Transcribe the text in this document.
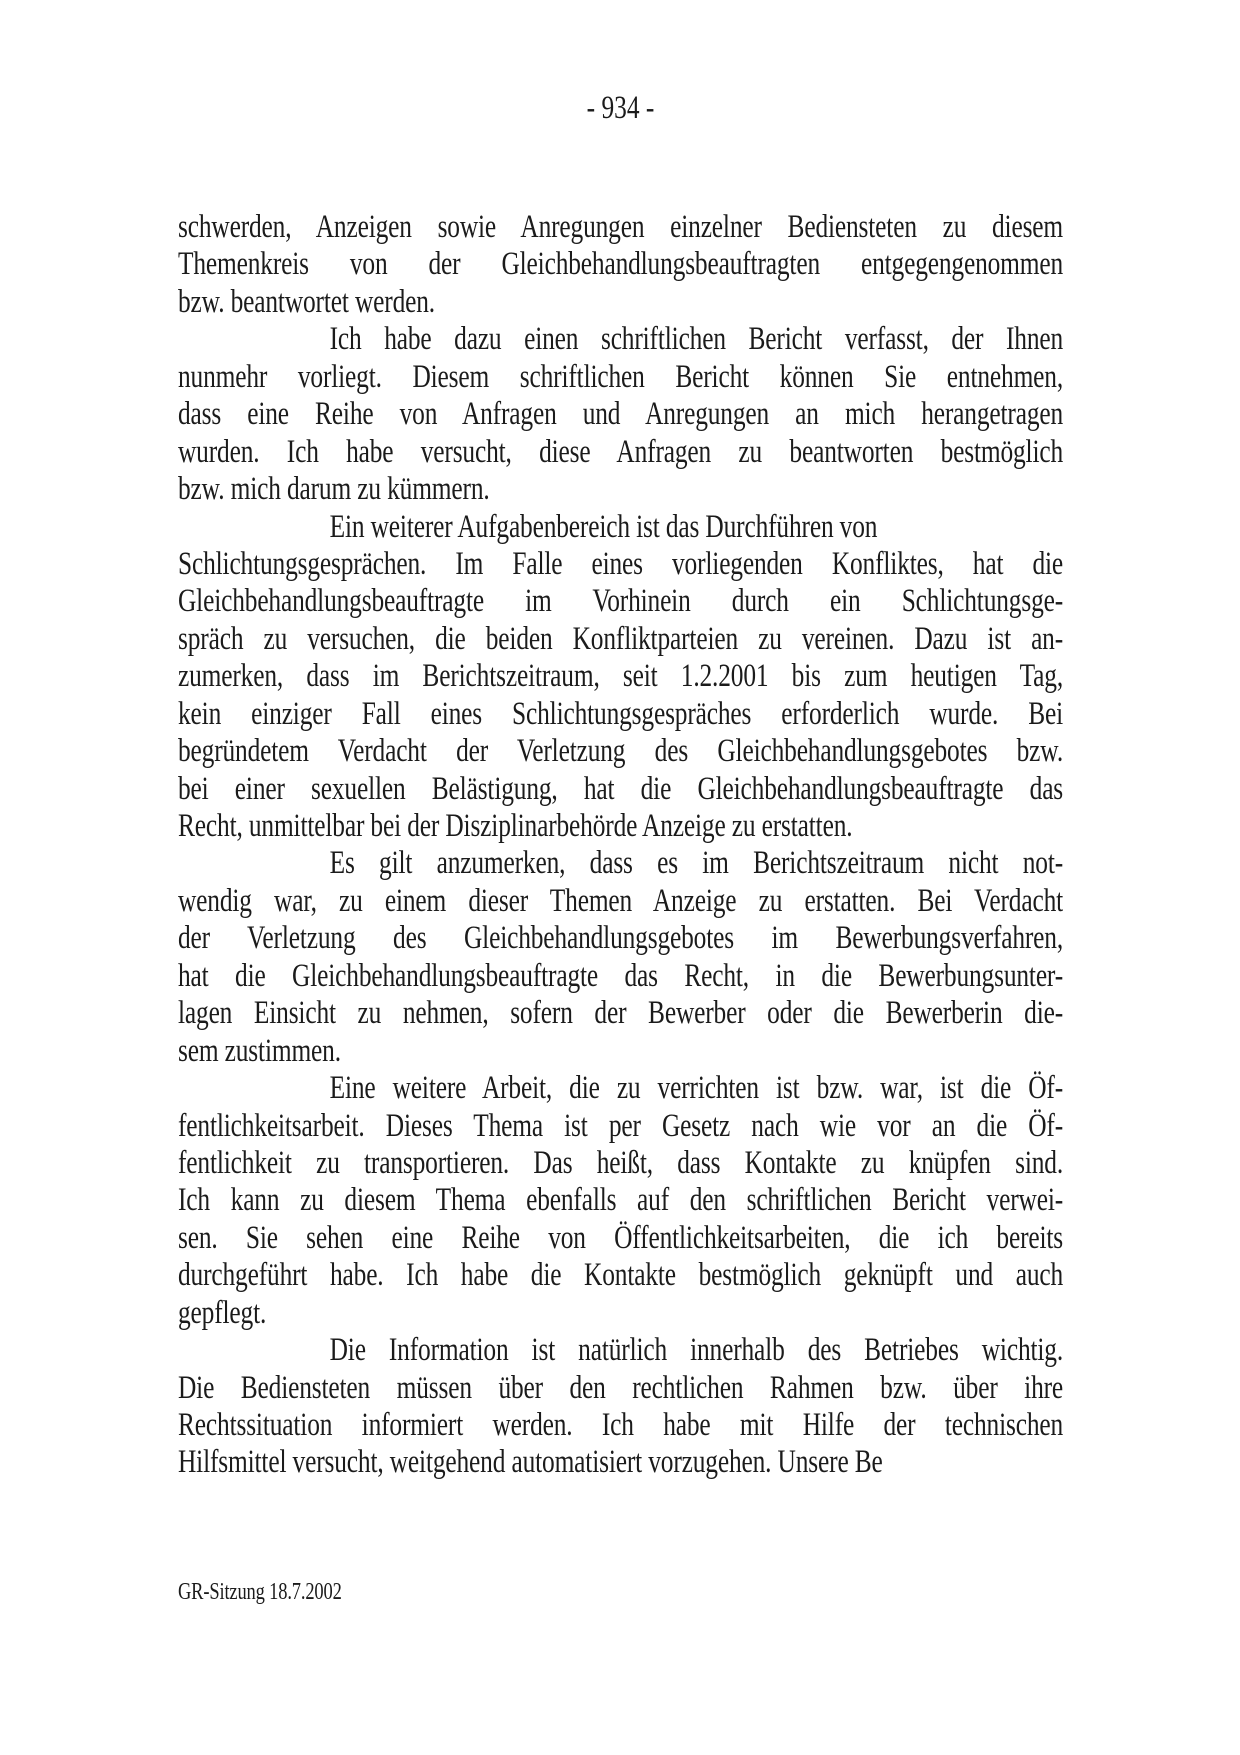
- 934 -
schwerden, Anzeigen sowie Anregungen einzelner Bediensteten zu diesem
Themenkreis von der Gleichbehandlungsbeauftragten entgegengenommen
bzw. beantwortet werden.
Ich habe dazu einen schriftlichen Bericht verfasst, der Ihnen
nunmehr vorliegt. Diesem schriftlichen Bericht können Sie entnehmen,
dass eine Reihe von Anfragen und Anregungen an mich herangetragen
wurden. Ich habe versucht, diese Anfragen zu beantworten bestmöglich
bzw. mich darum zu kümmern.
Ein weiterer Aufgabenbereich ist das Durchführen von
Schlichtungsgesprächen. Im Falle eines vorliegenden Konfliktes, hat die
Gleichbehandlungsbeauftragte im Vorhinein durch ein Schlichtungsge-
spräch zu versuchen, die beiden Konfliktparteien zu vereinen. Dazu ist an-
zumerken, dass im Berichtszeitraum, seit 1.2.2001 bis zum heutigen Tag,
kein einziger Fall eines Schlichtungsgespräches erforderlich wurde. Bei
begründetem Verdacht der Verletzung des Gleichbehandlungsgebotes bzw.
bei einer sexuellen Belästigung, hat die Gleichbehandlungsbeauftragte das
Recht, unmittelbar bei der Disziplinarbehörde Anzeige zu erstatten.
Es gilt anzumerken, dass es im Berichtszeitraum nicht not-
wendig war, zu einem dieser Themen Anzeige zu erstatten. Bei Verdacht
der Verletzung des Gleichbehandlungsgebotes im Bewerbungsverfahren,
hat die Gleichbehandlungsbeauftragte das Recht, in die Bewerbungsunter-
lagen Einsicht zu nehmen, sofern der Bewerber oder die Bewerberin die-
sem zustimmen.
Eine weitere Arbeit, die zu verrichten ist bzw. war, ist die Öf-
fentlichkeitsarbeit. Dieses Thema ist per Gesetz nach wie vor an die Öf-
fentlichkeit zu transportieren. Das heißt, dass Kontakte zu knüpfen sind.
Ich kann zu diesem Thema ebenfalls auf den schriftlichen Bericht verwei-
sen. Sie sehen eine Reihe von Öffentlichkeitsarbeiten, die ich bereits
durchgeführt habe. Ich habe die Kontakte bestmöglich geknüpft und auch
gepflegt.
Die Information ist natürlich innerhalb des Betriebes wichtig.
Die Bediensteten müssen über den rechtlichen Rahmen bzw. über ihre
Rechtssituation informiert werden. Ich habe mit Hilfe der technischen
Hilfsmittel versucht, weitgehend automatisiert vorzugehen. Unsere Be
GR-Sitzung 18.7.2002
